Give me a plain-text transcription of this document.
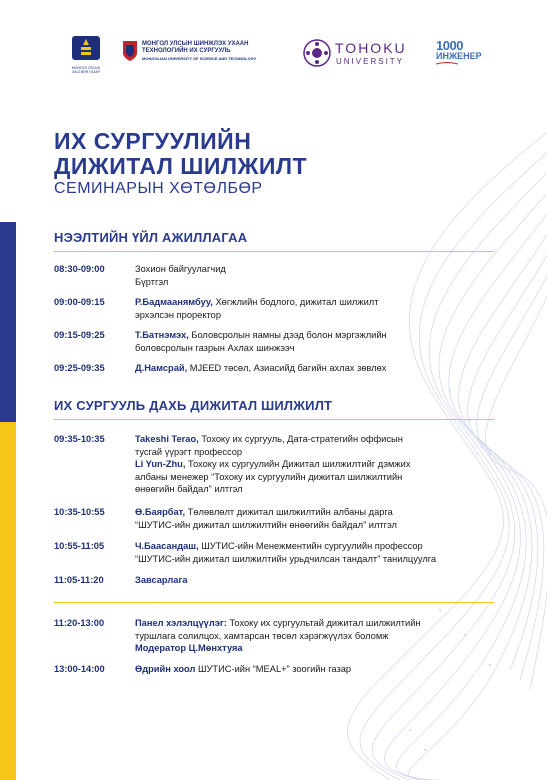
МОНГОЛ УЛСЫН ЗАСГИЙН ГАЗАР
МОНГОЛ УЛСЫН ШИНЖЛЭХ УХААН
ТЕХНОЛОГИЙН ИХ СУРГУУЛЬ
MONGOLIAN UNIVERSITY OF SCIENCE AND TECHNOLOGY
TOHOKU
UNIVERSITY
1000
ИНЖЕНЕР
ИХ СУРГУУЛИЙН
ДИЖИТАЛ ШИЛЖИЛТ
СЕМИНАРЫН ХӨТӨЛБӨР
НЭЭЛТИЙН ҮЙЛ АЖИЛЛАГАА
08:30-09:00	Зохион байгуулагчид
Бүртгэл
09:00-09:15	Р.Бадмаанямбуу, Хөгжлийн бодлого, дижитал шилжилт
эрхэлсэн проректор
09:15-09:25	Т.Батнэмэх, Боловсролын яамны дээд болон мэргэжлийн
боловсролын газрын Ахлах шинжээч
09:25-09:35	Д.Намсрай, MJEED төсөл, Азиасийд багийн ахлах зөвлөх
ИХ СУРГУУЛЬ ДАХЬ ДИЖИТАЛ ШИЛЖИЛТ
09:35-10:35	Takeshi Terao, Тохоку их сургууль, Дата-стратегийн оффисын
тусгай үүрэгт профессор
Li Yun-Zhu, Тохоку их сургуулийн Дижитал шилжилтийг дэмжих
албаны менежер “Тохоку их сургуулийн дижитал шилжилтийн
өнөөгийн байдал” илтгэл
10:35-10:55	Ө.Баярбат, Төлөвлөлт дижитал шилжилтийн албаны дарга
“ШУТИС-ийн дижитал шилжилтийн өнөөгийн байдал” илтгэл
10:55-11:05	Ч.Баасандаш, ШУТИС-ийн Менежментийн сургуулийн профессор
“ШУТИС-ийн дижитал шилжилтийн урьдчилсан тандалт” танилцуулга
11:05-11:20	Завсарлага
11:20-13:00	Панел хэлэлцүүлэг: Тохоку их сургуультай дижитал шилжилтийн
туршлага солилцох, хамтарсан төсөл хэрэгжүүлэх боломж
Модератор Ц.Мөнхтуяа
13:00-14:00	Өдрийн хоол ШУТИС-ийн “MEAL+” зоогийн газар
